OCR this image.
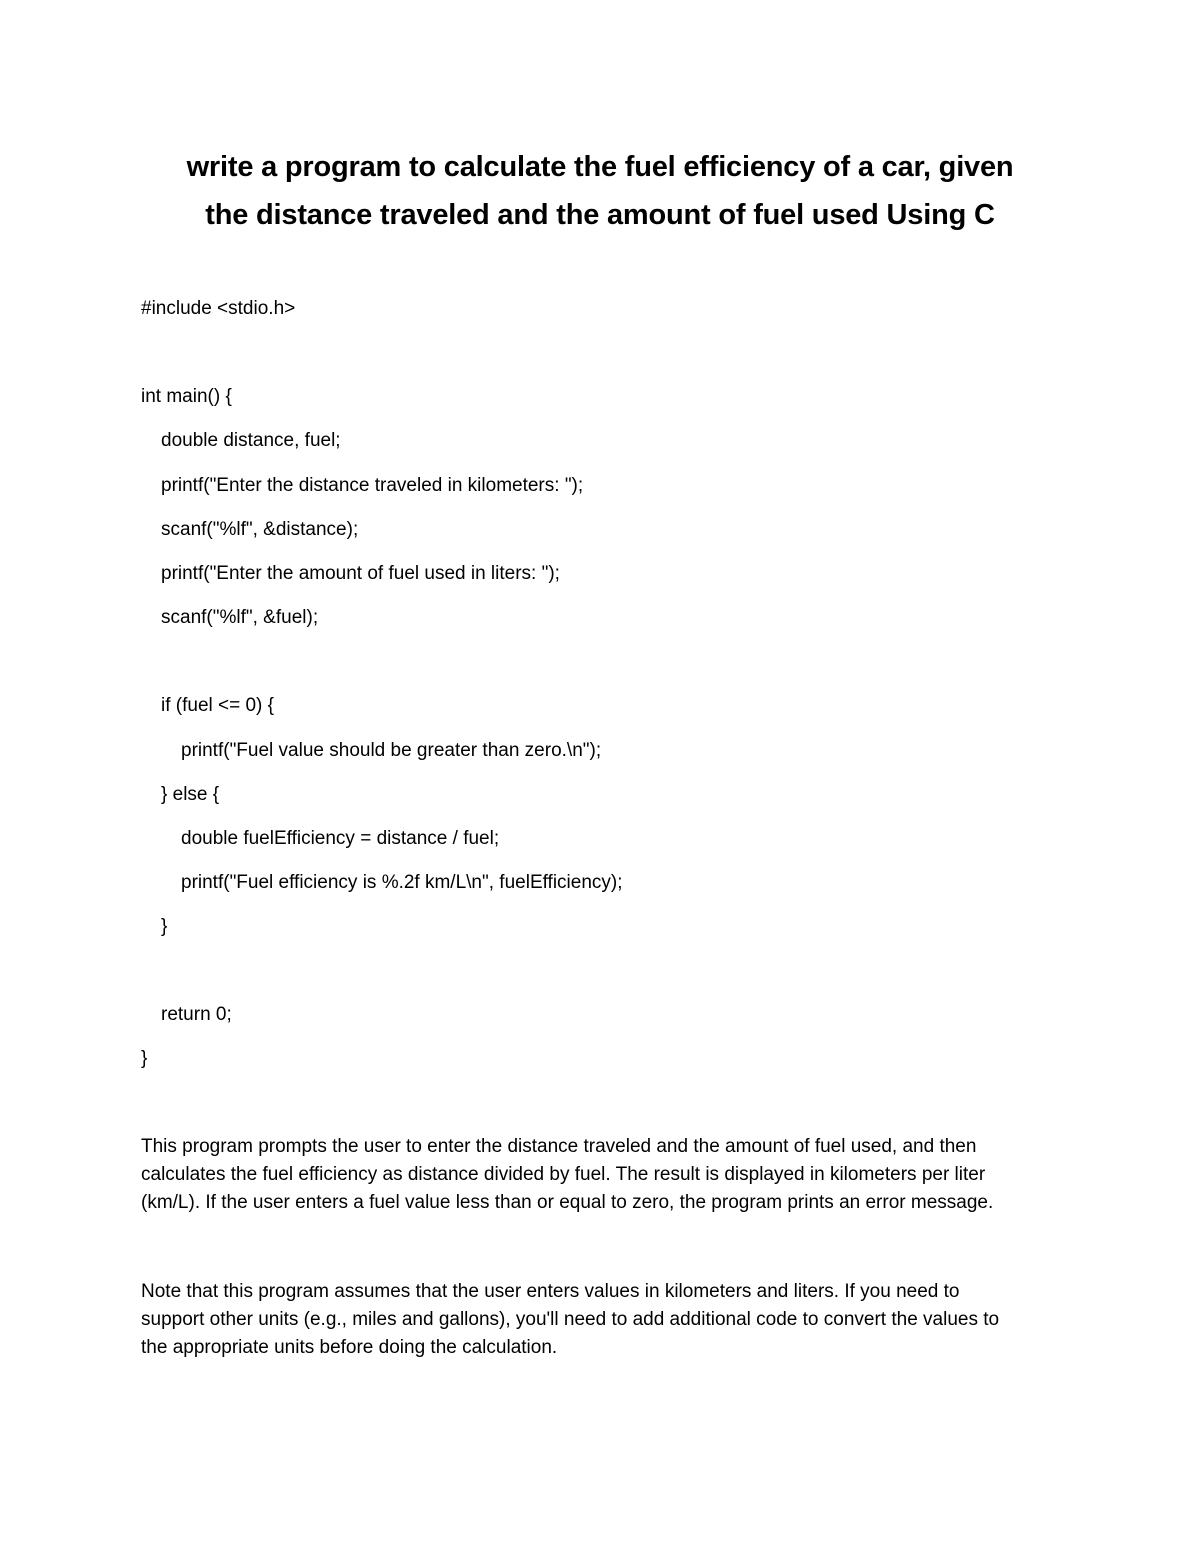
write a program to calculate the fuel efficiency of a car, given
the distance traveled and the amount of fuel used Using C

#include <stdio.h>

int main() {

double distance, fuel;

printf("Enter the distance traveled in kilometers: ");

scanf("%lf", &distance);

printf("Enter the amount of fuel used in liters: ");

scanf("%lf", &fuel);

if (fuel <= 0) {

printf("Fuel value should be greater than zero.\n");

} else {

double fuelEfficiency = distance / fuel;

printf("Fuel efficiency is %.2f km/L\n", fuelEfficiency);

}

return 0;

}

This program prompts the user to enter the distance traveled and the amount of fuel used, and then
calculates the fuel efficiency as distance divided by fuel. The result is displayed in kilometers per liter
(km/L). If the user enters a fuel value less than or equal to zero, the program prints an error message.

Note that this program assumes that the user enters values in kilometers and liters. If you need to
support other units (e.g., miles and gallons), you'll need to add additional code to convert the values to
the appropriate units before doing the calculation.
